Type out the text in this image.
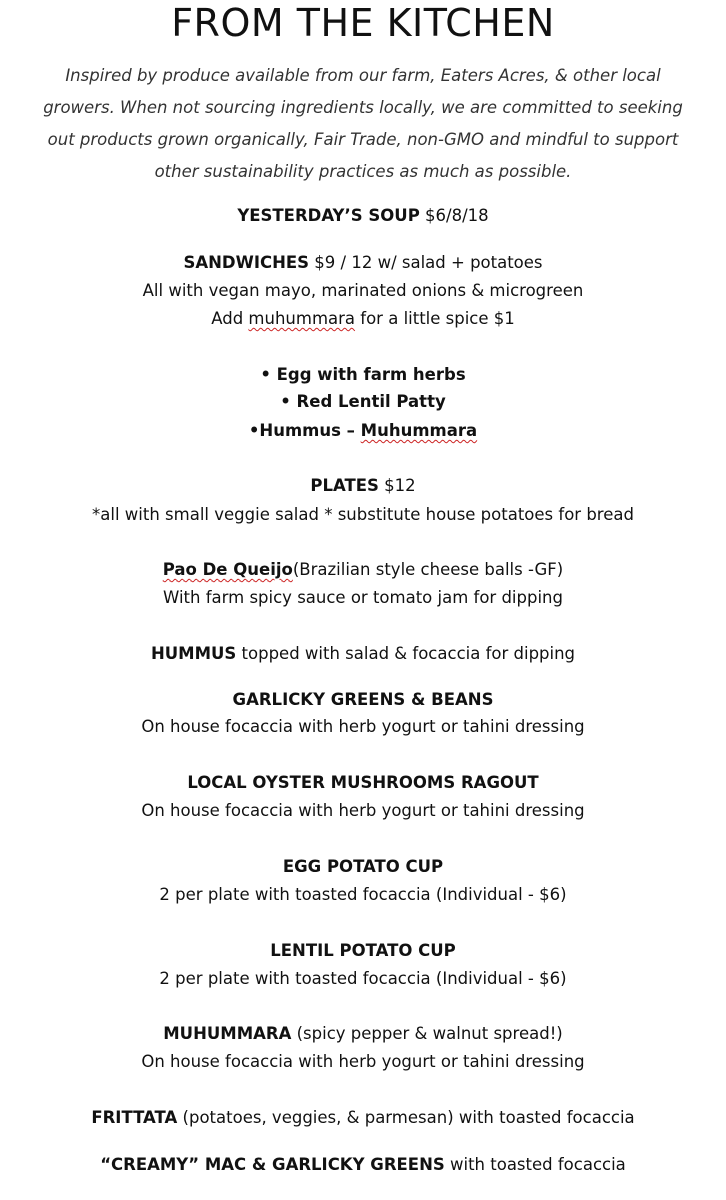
FROM THE KITCHEN
Inspired by produce available from our farm, Eaters Acres, & other local growers. When not sourcing ingredients locally, we are committed to seeking out products grown organically, Fair Trade, non-GMO and mindful to support other sustainability practices as much as possible.
YESTERDAY’S SOUP $6/8/18
SANDWICHES $9 / 12 w/ salad + potatoes
All with vegan mayo, marinated onions & microgreen
Add muhummara for a little spice $1
• Egg with farm herbs
• Red Lentil Patty
•Hummus – Muhummara
PLATES $12
*all with small veggie salad * substitute house potatoes for bread
Pao De Queijo(Brazilian style cheese balls -GF)
With farm spicy sauce or tomato jam for dipping
HUMMUS topped with salad & focaccia for dipping
GARLICKY GREENS & BEANS
On house focaccia with herb yogurt or tahini dressing
LOCAL OYSTER MUSHROOMS RAGOUT
On house focaccia with herb yogurt or tahini dressing
EGG POTATO CUP
2 per plate with toasted focaccia (Individual - $6)
LENTIL POTATO CUP
2 per plate with toasted focaccia (Individual - $6)
MUHUMMARA (spicy pepper & walnut spread!)
On house focaccia with herb yogurt or tahini dressing
FRITTATA (potatoes, veggies, & parmesan) with toasted focaccia
“CREAMY” MAC & GARLICKY GREENS with toasted focaccia
